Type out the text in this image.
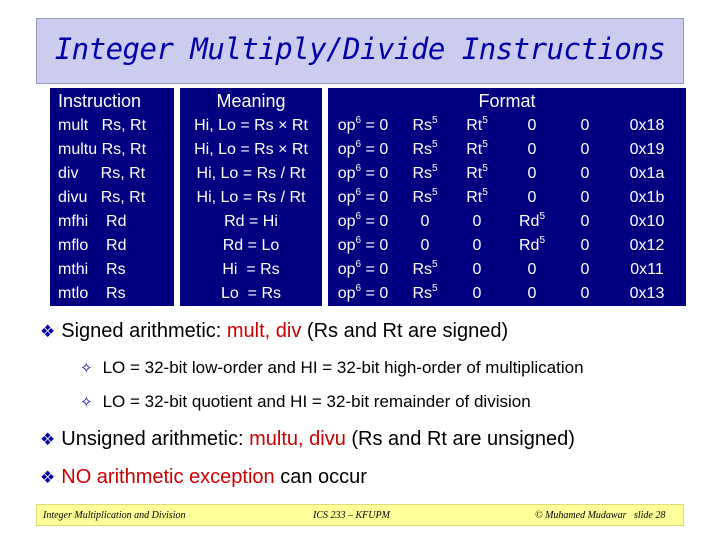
Integer Multiply/Divide Instructions
Instruction		Meaning		Format					
mult   Rs, Rt		Hi, Lo = Rs × Rt		$op^6 = 0$	Rs$^5$	Rt$^5$	0	0	0x18
multu Rs, Rt		Hi, Lo = Rs × Rt		$op^6 = 0$	Rs$^5$	Rt$^5$	0	0	0x19
div     Rs, Rt		Hi, Lo = Rs / Rt		$op^6 = 0$	Rs$^5$	Rt$^5$	0	0	0x1a
divu   Rs, Rt		Hi, Lo = Rs / Rt		$op^6 = 0$	Rs$^5$	Rt$^5$	0	0	0x1b
mfhi    Rd		Rd = Hi		$op^6 = 0$	0	0	Rd$^5$	0	0x10
mflo    Rd		Rd = Lo		$op^6 = 0$	0	0	Rd$^5$	0	0x12
mthi    Rs		Hi  = Rs		$op^6 = 0$	Rs$^5$	0	0	0	0x11
mtlo    Rs		Lo  = Rs		$op^6 = 0$	Rs$^5$	0	0	0	0x13
❖ Signed arithmetic: mult, div (Rs and Rt are signed)
✧ LO = 32-bit low-order and HI = 32-bit high-order of multiplication
✧ LO = 32-bit quotient and HI = 32-bit remainder of division
❖ Unsigned arithmetic: multu, divu (Rs and Rt are unsigned)
❖ NO arithmetic exception can occur
Integer Multiplication and Division	ICS 233 – KFUPM	© Muhamed Mudawar   slide 28
